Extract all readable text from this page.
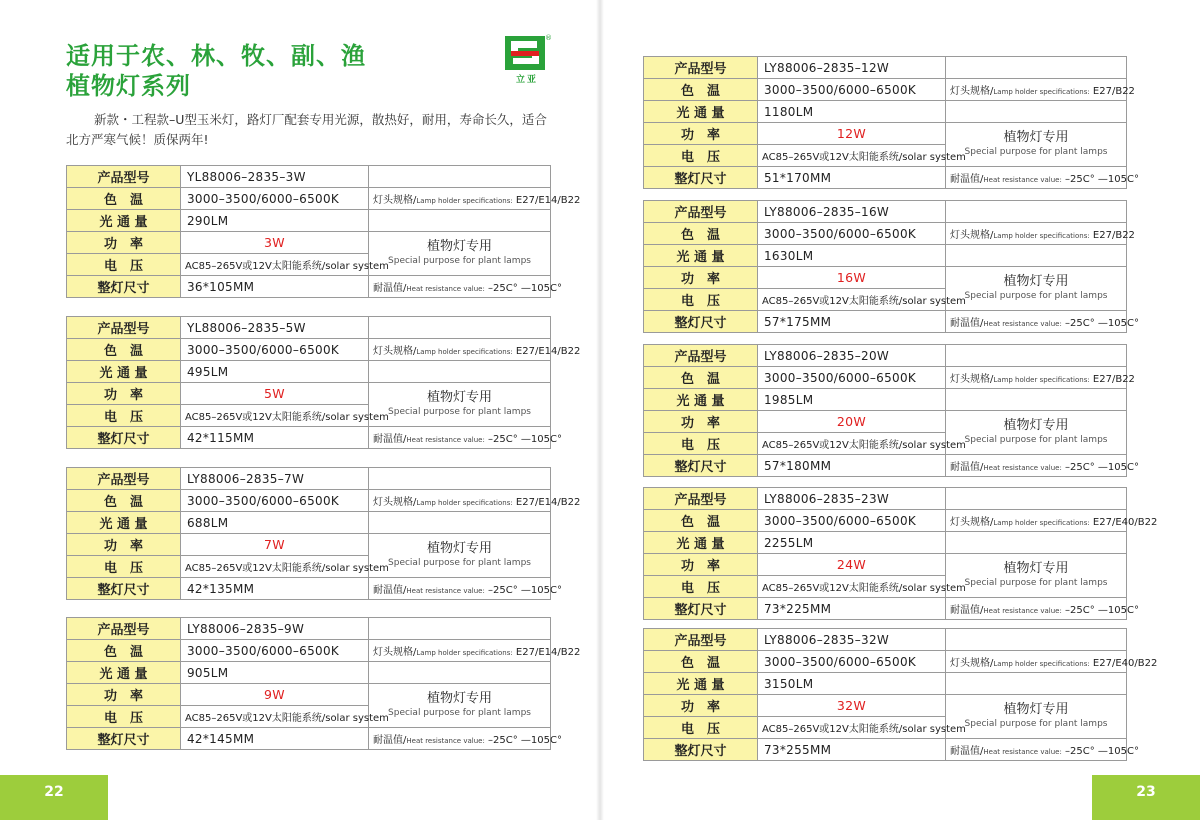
适用于农、林、牧、副、渔
植物灯系列
®
立亚
新款・工程款–U型玉米灯，路灯厂配套专用光源，散热好，耐用，寿命长久，适合北方严寒气候！质保两年!
产品型号	YL88006–2835–3W	
色　温	3000–3500/6000–6500K	灯头规格/Lamp holder specifications: E27/E14/B22
光 通 量	290LM	
功　率	3W	植物灯专用
Special purpose for plant lamps

电　压	AC85–265V或12V太阳能系统/solar system	
整灯尺寸	36*105MM	耐温值/Heat resistance value: –25C° —105C°
产品型号	YL88006–2835–5W	
色　温	3000–3500/6000–6500K	灯头规格/Lamp holder specifications: E27/E14/B22
光 通 量	495LM	
功　率	5W	植物灯专用
Special purpose for plant lamps

电　压	AC85–265V或12V太阳能系统/solar system	
整灯尺寸	42*115MM	耐温值/Heat resistance value: –25C° —105C°
产品型号	LY88006–2835–7W	
色　温	3000–3500/6000–6500K	灯头规格/Lamp holder specifications: E27/E14/B22
光 通 量	688LM	
功　率	7W	植物灯专用
Special purpose for plant lamps

电　压	AC85–265V或12V太阳能系统/solar system	
整灯尺寸	42*135MM	耐温值/Heat resistance value: –25C° —105C°
产品型号	LY88006–2835–9W	
色　温	3000–3500/6000–6500K	灯头规格/Lamp holder specifications: E27/E14/B22
光 通 量	905LM	
功　率	9W	植物灯专用
Special purpose for plant lamps

电　压	AC85–265V或12V太阳能系统/solar system	
整灯尺寸	42*145MM	耐温值/Heat resistance value: –25C° —105C°
产品型号	LY88006–2835–12W	
色　温	3000–3500/6000–6500K	灯头规格/Lamp holder specifications: E27/B22
光 通 量	1180LM	
功　率	12W	植物灯专用
Special purpose for plant lamps

电　压	AC85–265V或12V太阳能系统/solar system	
整灯尺寸	51*170MM	耐温值/Heat resistance value: –25C° —105C°
产品型号	LY88006–2835–16W	
色　温	3000–3500/6000–6500K	灯头规格/Lamp holder specifications: E27/B22
光 通 量	1630LM	
功　率	16W	植物灯专用
Special purpose for plant lamps

电　压	AC85–265V或12V太阳能系统/solar system	
整灯尺寸	57*175MM	耐温值/Heat resistance value: –25C° —105C°
产品型号	LY88006–2835–20W	
色　温	3000–3500/6000–6500K	灯头规格/Lamp holder specifications: E27/B22
光 通 量	1985LM	
功　率	20W	植物灯专用
Special purpose for plant lamps

电　压	AC85–265V或12V太阳能系统/solar system	
整灯尺寸	57*180MM	耐温值/Heat resistance value: –25C° —105C°
产品型号	LY88006–2835–23W	
色　温	3000–3500/6000–6500K	灯头规格/Lamp holder specifications: E27/E40/B22
光 通 量	2255LM	
功　率	24W	植物灯专用
Special purpose for plant lamps

电　压	AC85–265V或12V太阳能系统/solar system	
整灯尺寸	73*225MM	耐温值/Heat resistance value: –25C° —105C°
产品型号	LY88006–2835–32W	
色　温	3000–3500/6000–6500K	灯头规格/Lamp holder specifications: E27/E40/B22
光 通 量	3150LM	
功　率	32W	植物灯专用
Special purpose for plant lamps

电　压	AC85–265V或12V太阳能系统/solar system	
整灯尺寸	73*255MM	耐温值/Heat resistance value: –25C° —105C°
22	23
